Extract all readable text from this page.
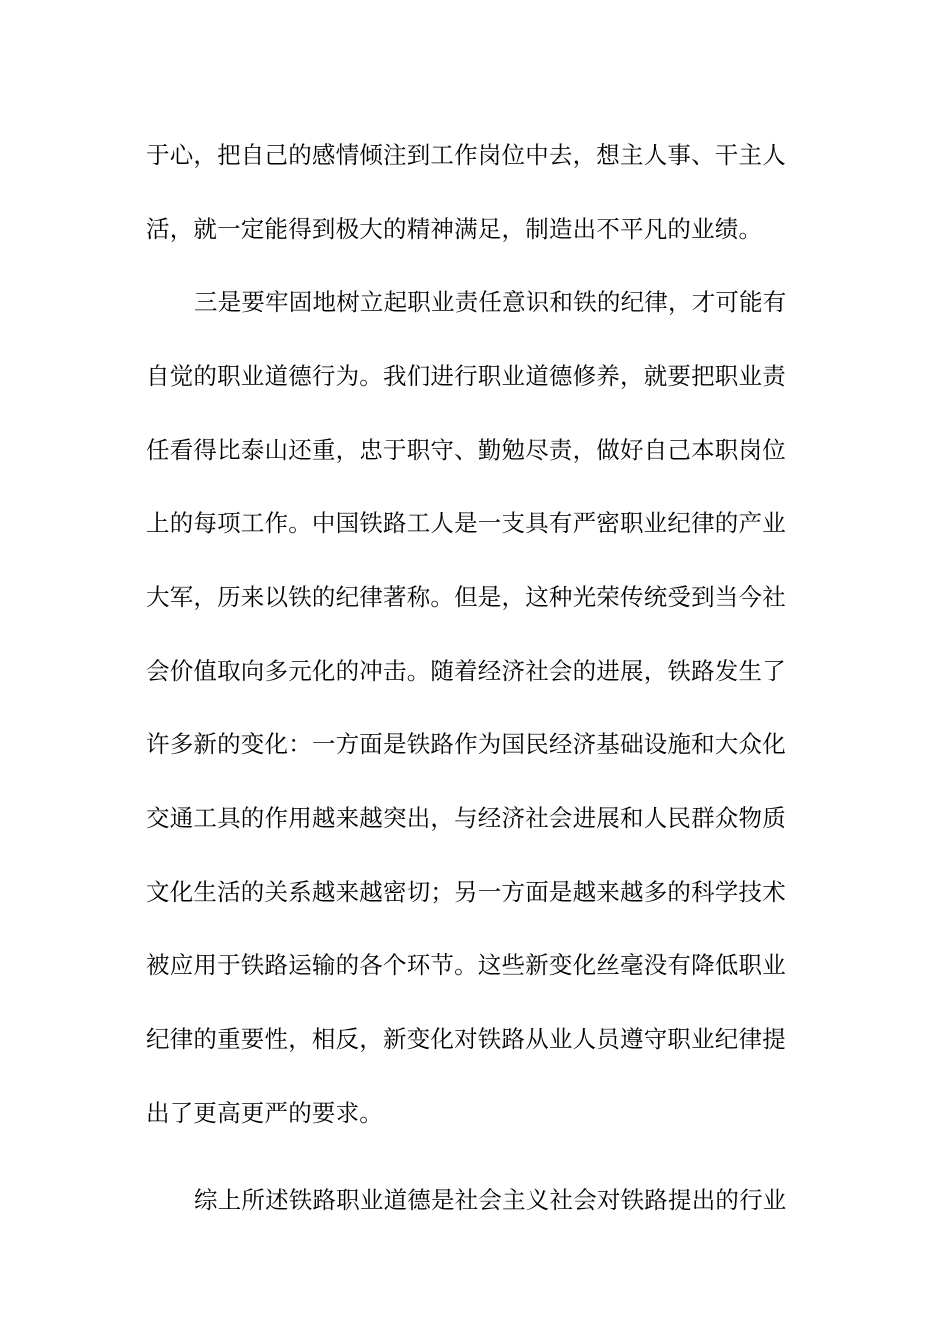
于心，把自己的感情倾注到工作岗位中去，想主人事、干主人
活，就一定能得到极大的精神满足，制造出不平凡的业绩。
三是要牢固地树立起职业责任意识和铁的纪律，才可能有
自觉的职业道德行为。我们进行职业道德修养，就要把职业责
任看得比泰山还重，忠于职守、勤勉尽责，做好自己本职岗位
上的每项工作。中国铁路工人是一支具有严密职业纪律的产业
大军，历来以铁的纪律著称。但是，这种光荣传统受到当今社
会价值取向多元化的冲击。随着经济社会的进展，铁路发生了
许多新的变化：一方面是铁路作为国民经济基础设施和大众化
交通工具的作用越来越突出，与经济社会进展和人民群众物质
文化生活的关系越来越密切；另一方面是越来越多的科学技术
被应用于铁路运输的各个环节。这些新变化丝毫没有降低职业
纪律的重要性，相反，新变化对铁路从业人员遵守职业纪律提
出了更高更严的要求。
综上所述铁路职业道德是社会主义社会对铁路提出的行业
